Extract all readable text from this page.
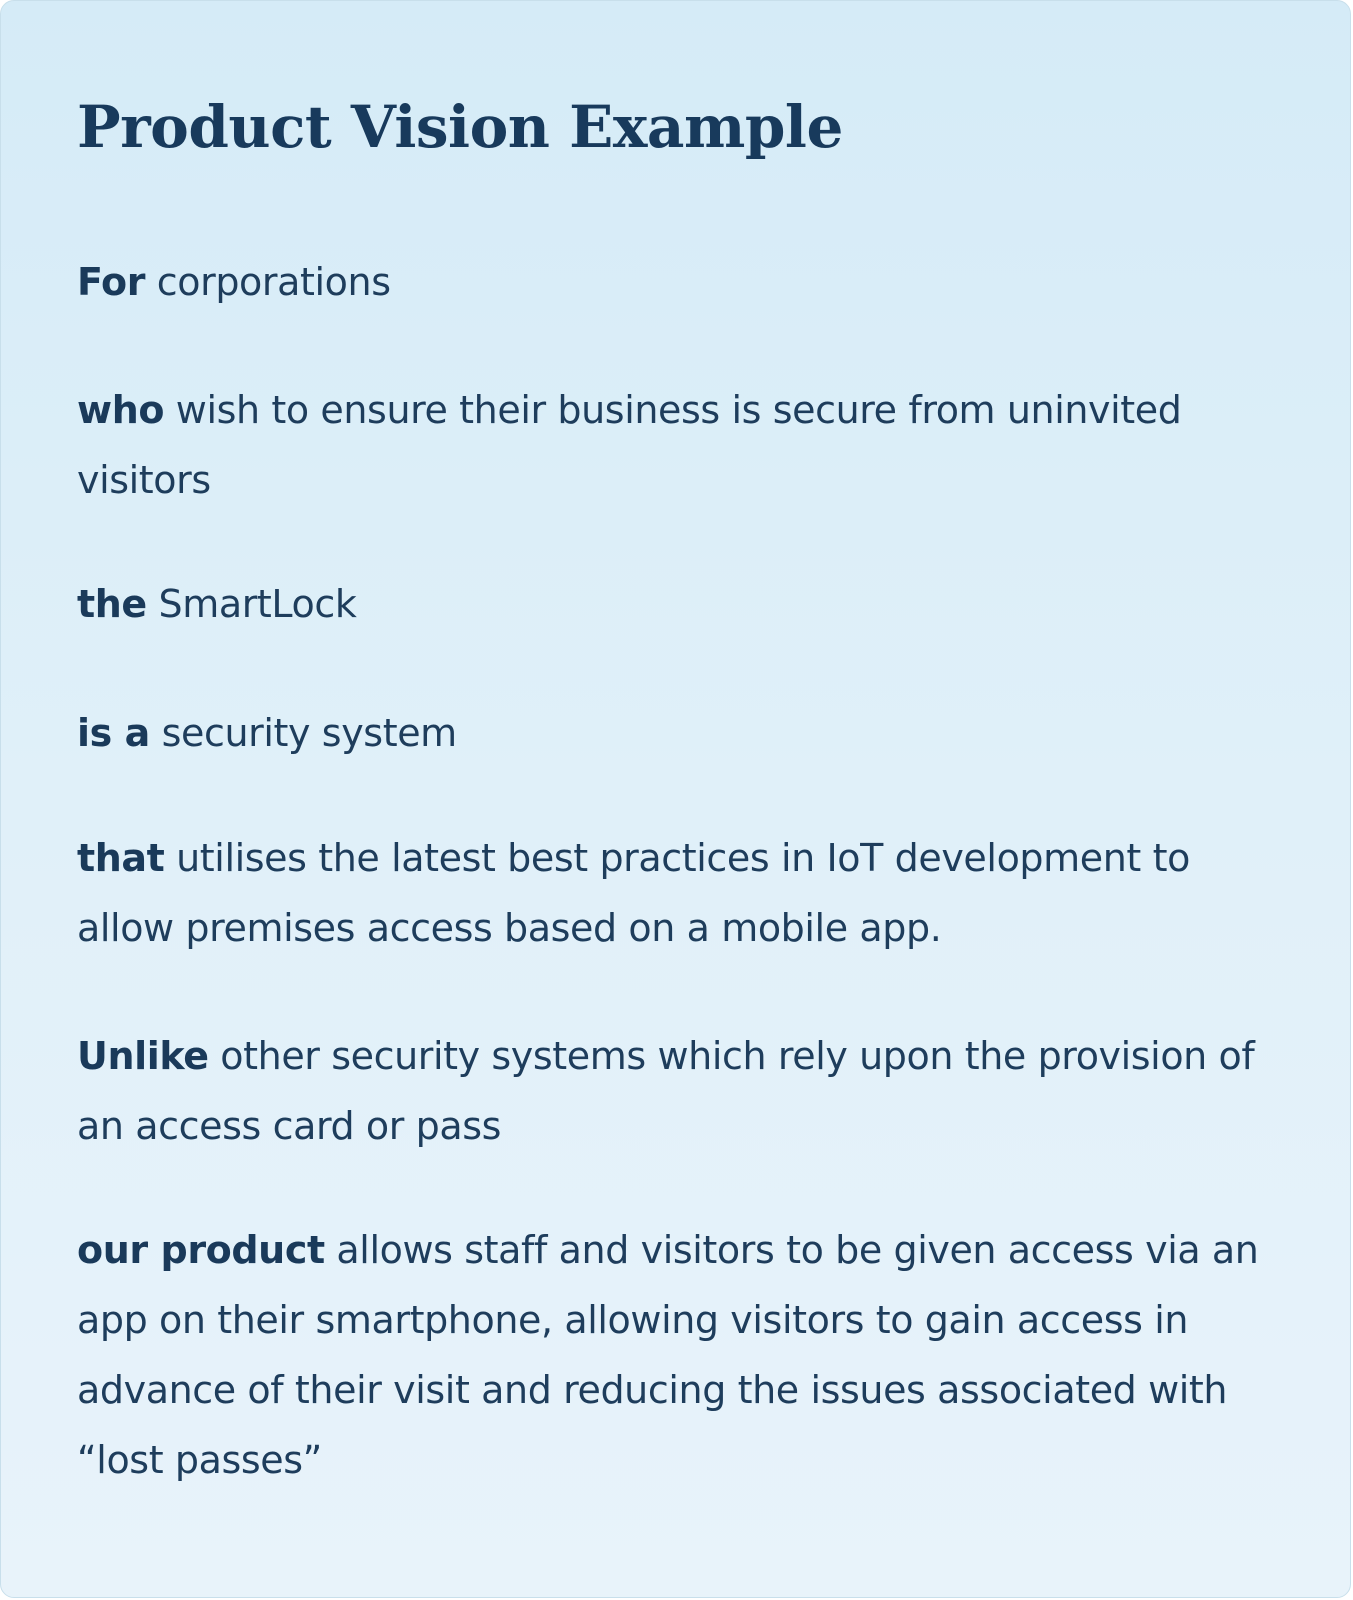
Product Vision Example

For corporations

who wish to ensure their business is secure from uninvited visitors

the SmartLock

is a security system

that utilises the latest best practices in IoT development to allow premises access based on a mobile app.

Unlike other security systems which rely upon the provision of an access card or pass

our product allows staff and visitors to be given access via an app on their smartphone, allowing visitors to gain access in advance of their visit and reducing the issues associated with “lost passes”
